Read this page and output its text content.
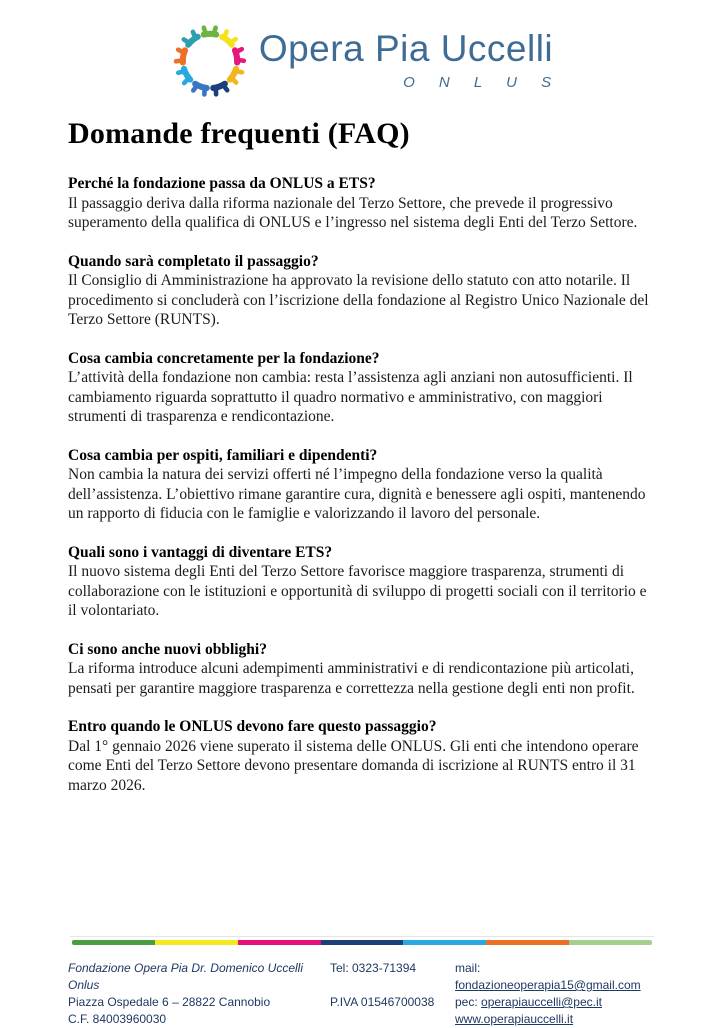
Opera Pia Uccelli
O N L U S
Domande frequenti (FAQ)
Perché la fondazione passa da ONLUS a ETS?

Il passaggio deriva dalla riforma nazionale del Terzo Settore, che prevede il progressivo superamento della qualifica di ONLUS e l’ingresso nel sistema degli Enti del Terzo Settore.

Quando sarà completato il passaggio?

Il Consiglio di Amministrazione ha approvato la revisione dello statuto con atto notarile. Il procedimento si concluderà con l’iscrizione della fondazione al Registro Unico Nazionale del Terzo Settore (RUNTS).

Cosa cambia concretamente per la fondazione?

L’attività della fondazione non cambia: resta l’assistenza agli anziani non autosufficienti. Il cambiamento riguarda soprattutto il quadro normativo e amministrativo, con maggiori strumenti di trasparenza e rendicontazione.

Cosa cambia per ospiti, familiari e dipendenti?

Non cambia la natura dei servizi offerti né l’impegno della fondazione verso la qualità dell’assistenza. L’obiettivo rimane garantire cura, dignità e benessere agli ospiti, mantenendo un rapporto di fiducia con le famiglie e valorizzando il lavoro del personale.

Quali sono i vantaggi di diventare ETS?

Il nuovo sistema degli Enti del Terzo Settore favorisce maggiore trasparenza, strumenti di collaborazione con le istituzioni e opportunità di sviluppo di progetti sociali con il territorio e il volontariato.

Ci sono anche nuovi obblighi?

La riforma introduce alcuni adempimenti amministrativi e di rendicontazione più articolati, pensati per garantire maggiore trasparenza e correttezza nella gestione degli enti non profit.

Entro quando le ONLUS devono fare questo passaggio?

Dal 1° gennaio 2026 viene superato il sistema delle ONLUS. Gli enti che intendono operare come Enti del Terzo Settore devono presentare domanda di iscrizione al RUNTS entro il 31 marzo 2026.

Fondazione Opera Pia Dr. Domenico Uccelli Onlus
Piazza Ospedale 6 – 28822 Cannobio
C.F. 84003960030
Tel: 0323-71394
P.IVA 01546700038
mail: fondazioneoperapia15@gmail.com
pec: operapiauccelli@pec.it
www.operapiauccelli.it
